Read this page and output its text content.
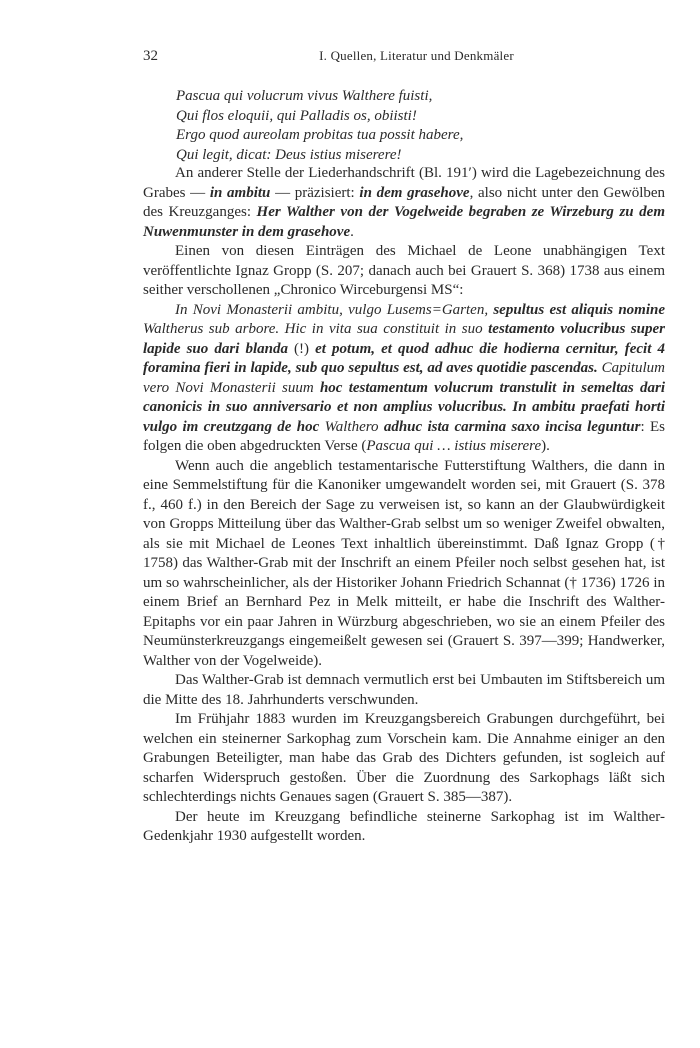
32	I. Quellen, Literatur und Denkmäler
Pascua qui volucrum vivus Walthere fuisti,
Qui flos eloquii, qui Palladis os, obiisti!
Ergo quod aureolam probitas tua possit habere,
Qui legit, dicat: Deus istius miserere!

An anderer Stelle der Liederhandschrift (Bl. 191′) wird die Lagebezeichnung des Grabes — in ambitu — präzisiert: in dem grasehove, also nicht unter den Gewölben des Kreuzganges: Her Walther von der Vogelweide begraben ze Wirzeburg zu dem Nuwenmunster in dem grasehove.

Einen von diesen Einträgen des Michael de Leone unabhängigen Text veröffentlichte Ignaz Gropp (S. 207; danach auch bei Grauert S. 368) 1738 aus einem seither verschollenen „Chronico Wirceburgensi MS“:

In Novi Monasterii ambitu, vulgo Lusems=Garten, sepultus est aliquis nomine Waltherus sub arbore. Hic in vita sua constituit in suo testamento volucribus super lapide suo dari blanda (!) et potum, et quod adhuc die hodierna cernitur, fecit 4 foramina fieri in lapide, sub quo sepultus est, ad aves quotidie pascendas. Capitulum vero Novi Monasterii suum hoc testamentum volucrum transtulit in semeltas dari canonicis in suo anniversario et non amplius volucribus. In ambitu praefati horti vulgo im creutzgang de hoc Walthero adhuc ista carmina saxo incisa leguntur: Es folgen die oben abgedruckten Verse (Pascua qui … istius miserere).

Wenn auch die angeblich testamentarische Futterstiftung Walthers, die dann in eine Semmelstiftung für die Kanoniker umgewandelt worden sei, mit Grauert (S. 378 f., 460 f.) in den Bereich der Sage zu verweisen ist, so kann an der Glaubwürdigkeit von Gropps Mitteilung über das Walther-Grab selbst um so weniger Zweifel obwalten, als sie mit Michael de Leones Text inhaltlich übereinstimmt. Daß Ignaz Gropp († 1758) das Walther-Grab mit der Inschrift an einem Pfeiler noch selbst gesehen hat, ist um so wahrscheinlicher, als der Historiker Johann Friedrich Schannat († 1736) 1726 in einem Brief an Bernhard Pez in Melk mitteilt, er habe die Inschrift des Walther-Epitaphs vor ein paar Jahren in Würzburg abgeschrieben, wo sie an einem Pfeiler des Neumünsterkreuzgangs eingemeißelt gewesen sei (Grauert S. 397—399; Handwerker, Walther von der Vogelweide).

Das Walther-Grab ist demnach vermutlich erst bei Umbauten im Stiftsbereich um die Mitte des 18. Jahrhunderts verschwunden.

Im Frühjahr 1883 wurden im Kreuzgangsbereich Grabungen durchgeführt, bei welchen ein steinerner Sarkophag zum Vorschein kam. Die Annahme einiger an den Grabungen Beteiligter, man habe das Grab des Dichters gefunden, ist sogleich auf scharfen Widerspruch gestoßen. Über die Zuordnung des Sarkophags läßt sich schlechterdings nichts Genaues sagen (Grauert S. 385—387).

Der heute im Kreuzgang befindliche steinerne Sarkophag ist im Walther-Gedenkjahr 1930 aufgestellt worden.
